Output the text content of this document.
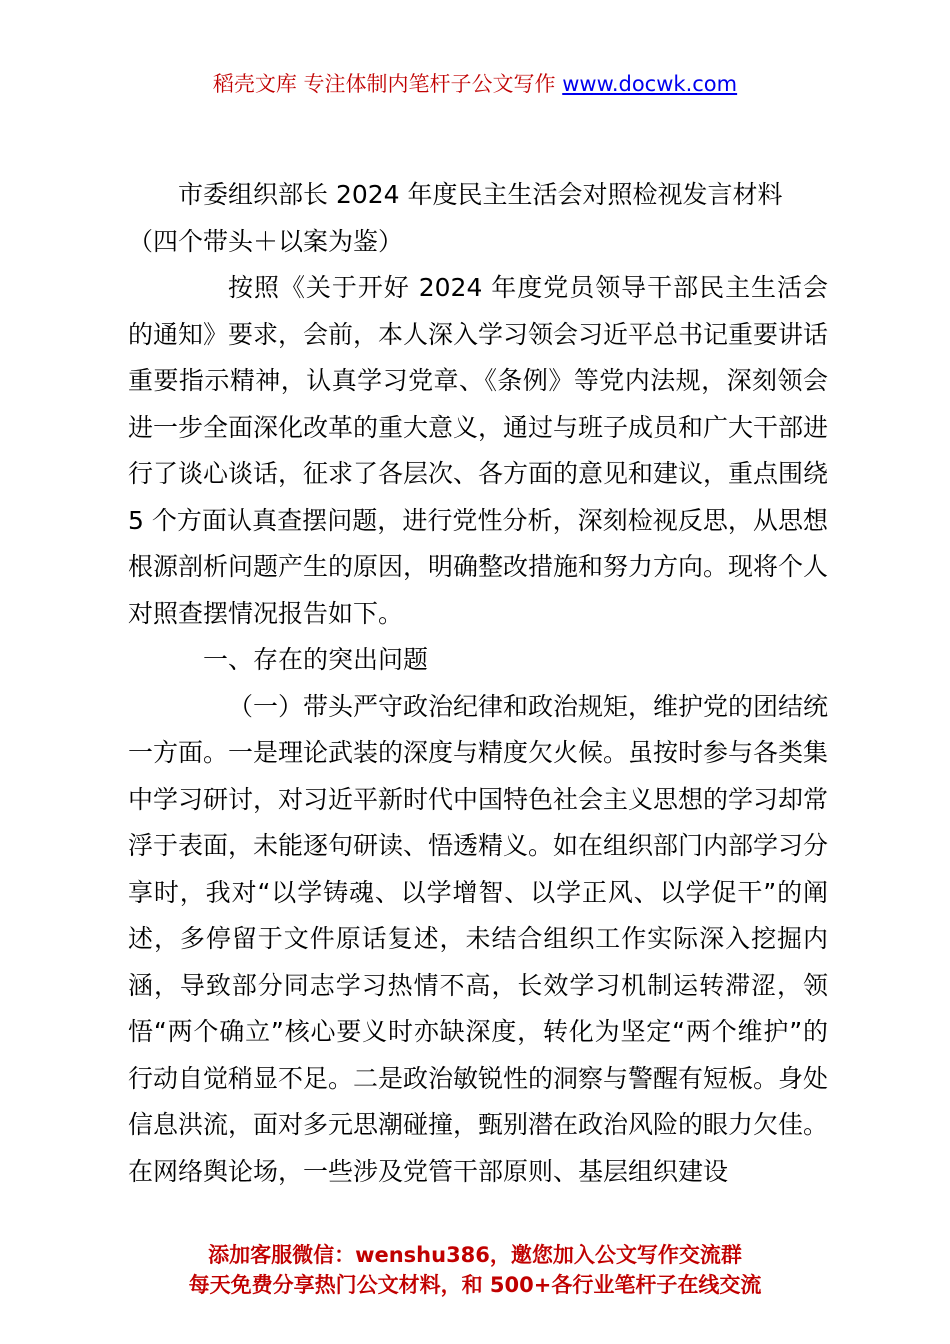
稻壳文库 专注体制内笔杆子公文写作 www.docwk.com

市委组织部长 2024 年度民主生活会对照检视发言材料

（四个带头＋以案为鉴）

按照《关于开好 2024 年度党员领导干部民主生活会的通知》要求，会前，本人深入学习领会习近平总书记重要讲话重要指示精神，认真学习党章、《条例》等党内法规，深刻领会进一步全面深化改革的重大意义，通过与班子成员和广大干部进行了谈心谈话，征求了各层次、各方面的意见和建议，重点围绕 5 个方面认真查摆问题，进行党性分析，深刻检视反思，从思想根源剖析问题产生的原因，明确整改措施和努力方向。现将个人对照查摆情况报告如下。

一、存在的突出问题

（一）带头严守政治纪律和政治规矩，维护党的团结统一方面。一是理论武装的深度与精度欠火候。虽按时参与各类集中学习研讨，对习近平新时代中国特色社会主义思想的学习却常浮于表面，未能逐句研读、悟透精义。如在组织部门内部学习分享时，我对“以学铸魂、以学增智、以学正风、以学促干”的阐述，多停留于文件原话复述，未结合组织工作实际深入挖掘内涵，导致部分同志学习热情不高，长效学习机制运转滞涩，领悟“两个确立”核心要义时亦缺深度，转化为坚定“两个维护”的行动自觉稍显不足。二是政治敏锐性的洞察与警醒有短板。身处信息洪流，面对多元思潮碰撞，甄别潜在政治风险的眼力欠佳。在网络舆论场，一些涉及党管干部原则、基层组织建设

添加客服微信：wenshu386，邀您加入公文写作交流群
每天免费分享热门公文材料，和 500+各行业笔杆子在线交流
